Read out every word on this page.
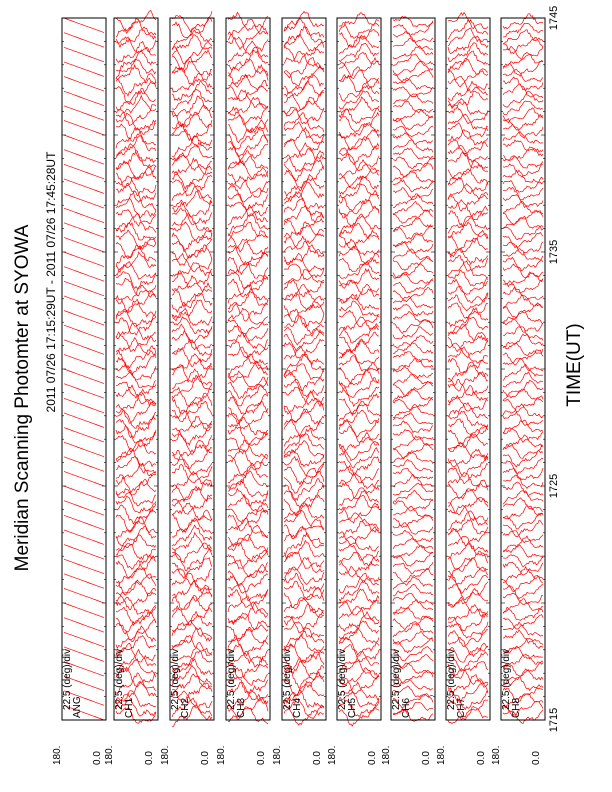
22.5 (deg)/div ANG
180.	0.0
22.5 (deg)/div CH1
180.	0.0
22.5 (deg)/div CH2
180.	0.0
22.5 (deg)/div CH3
180.	0.0
22.5 (deg)/div CH4
180.	0.0
22.5 (deg)/div CH5
180.	0.0
22.5 (deg)/div CH6
180.	0.0
22.5 (deg)/div CH7
180.	0.0
22.5 (deg)/div CH8
180.	0.0
Meridian Scanning Photomter at SYOWA 2011 07/26 17:15:29UT - 2011 07/26 17:45:28UT	TIME(UT)
1715
1725
1735
1745
